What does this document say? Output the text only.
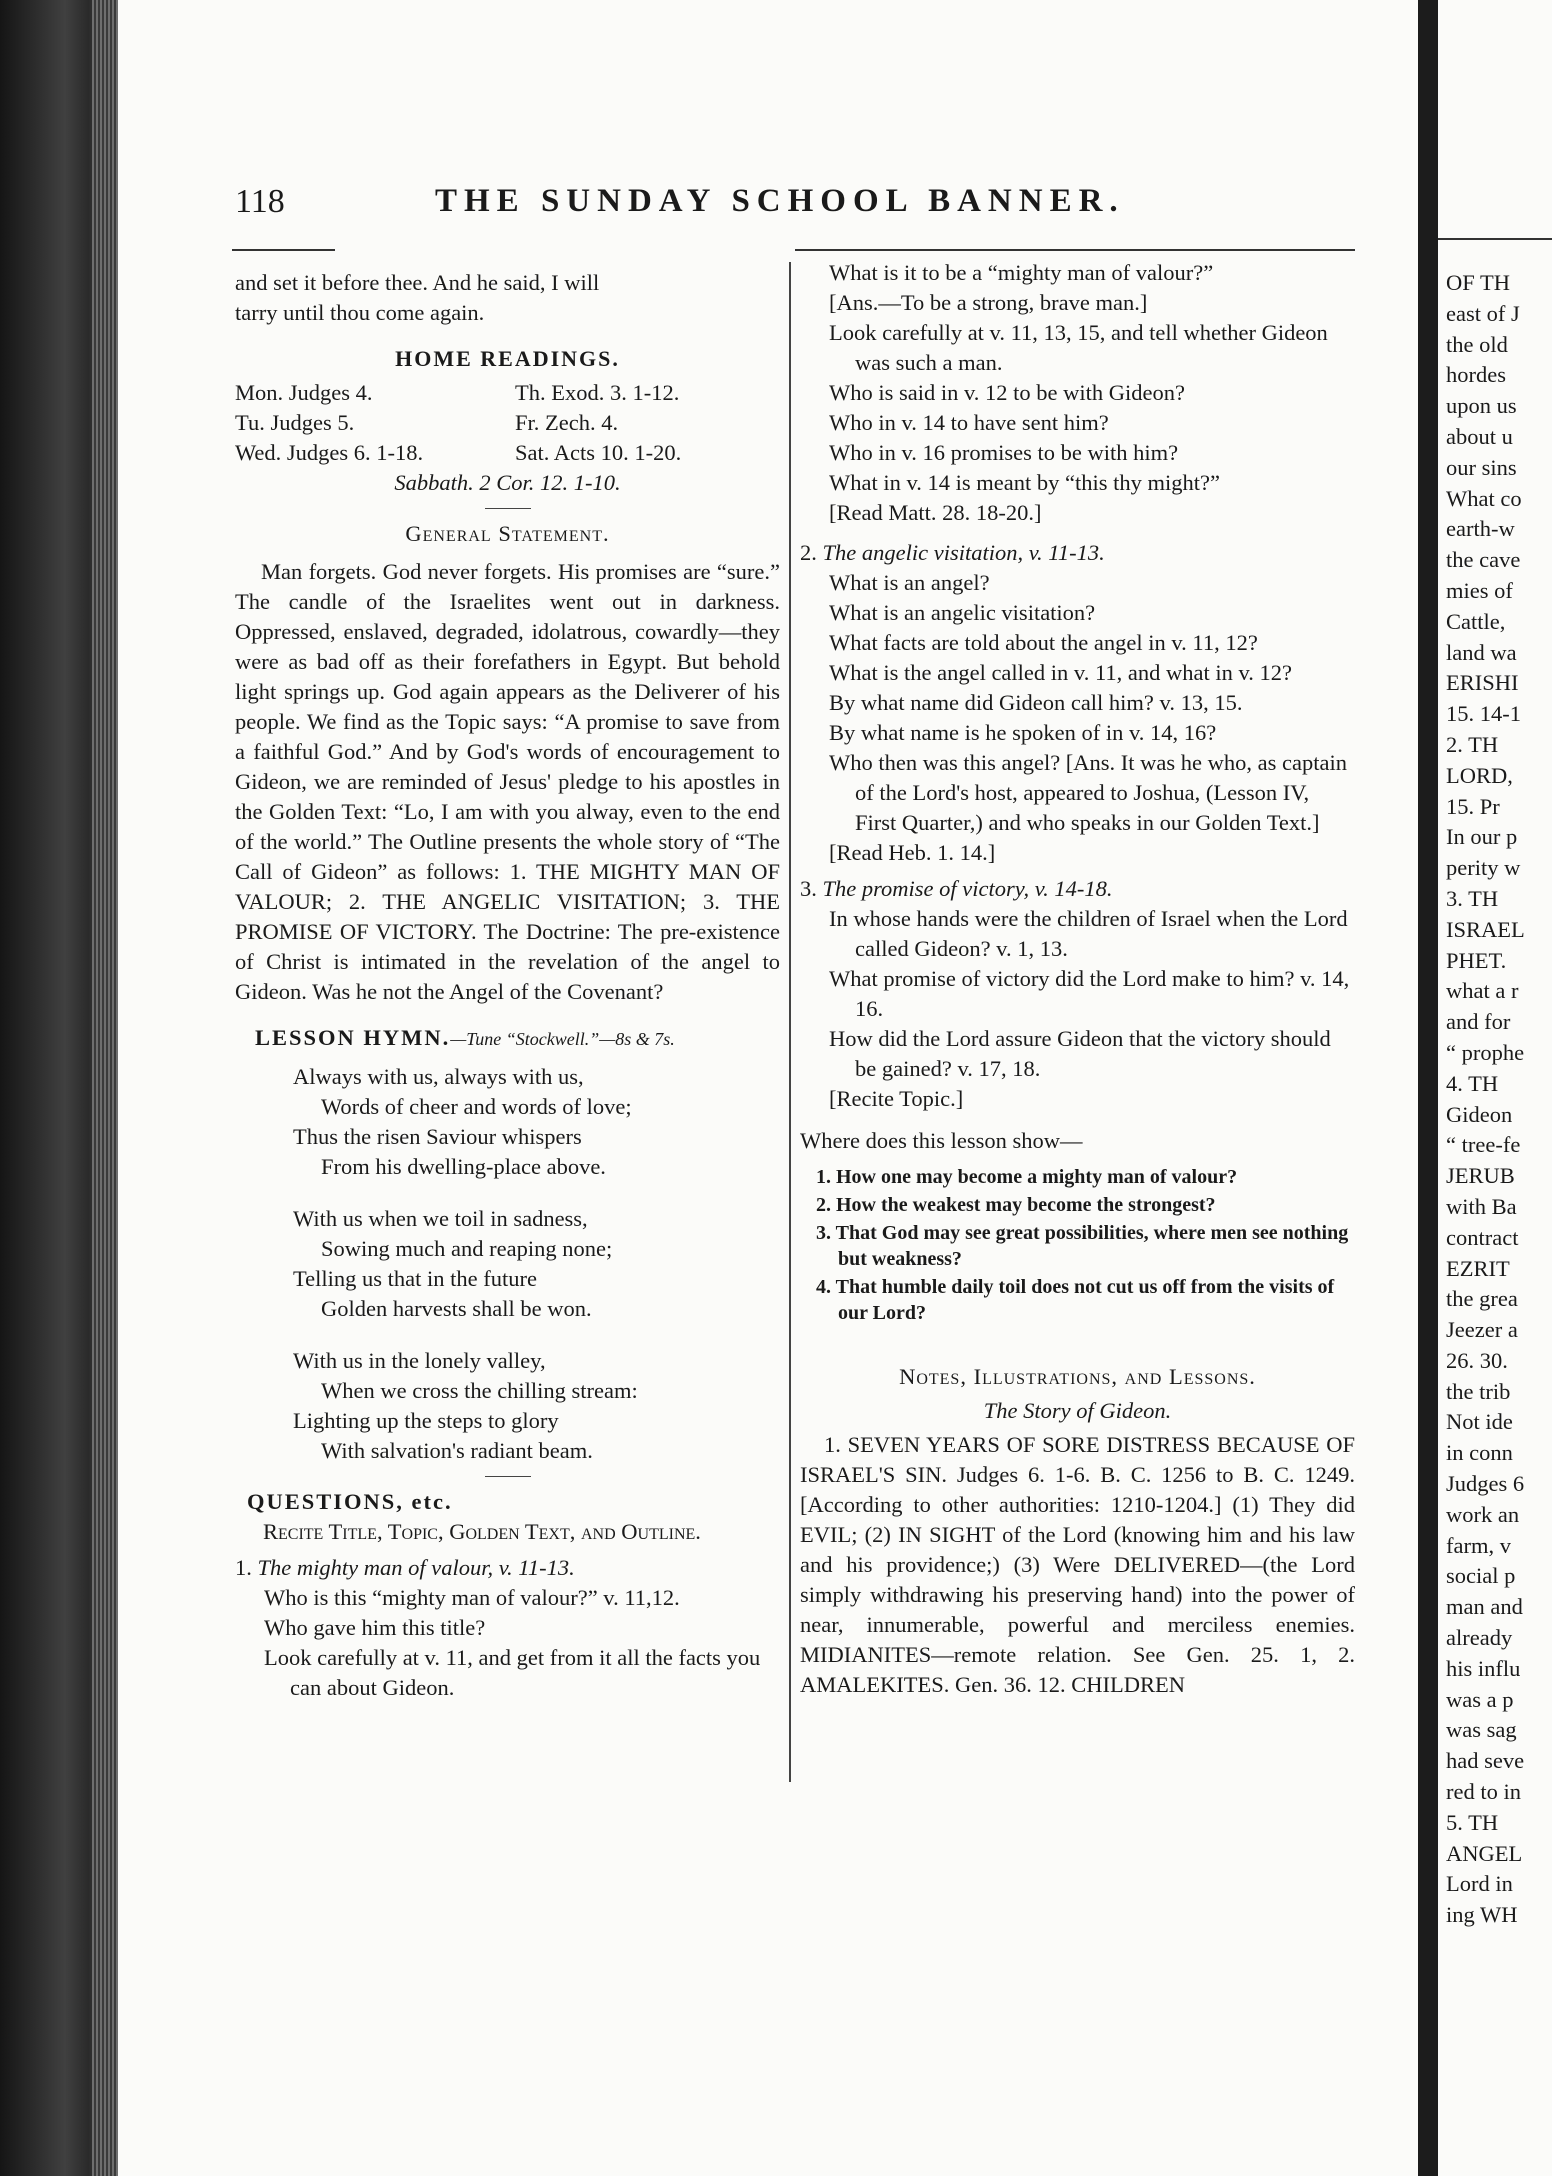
118	THE SUNDAY SCHOOL BANNER.

and set it before thee. And he said, I will

tarry until thou come again.

HOME READINGS.
Mon. Judges 4.	Th. Exod. 3. 1-12.
Tu. Judges 5.	Fr. Zech. 4.
Wed. Judges 6. 1-18.	Sat. Acts 10. 1-20.
Sabbath. 2 Cor. 12. 1-10.
General Statement.

Man forgets. God never forgets. His promises are “sure.” The candle of the Israelites went out in darkness. Oppressed, enslaved, degraded, idolatrous, cowardly—they were as bad off as their forefathers in Egypt. But behold light springs up. God again appears as the Deliverer of his people. We find as the Topic says: “A promise to save from a faithful God.” And by God's words of encouragement to Gideon, we are reminded of Jesus' pledge to his apostles in the Golden Text: “Lo, I am with you alway, even to the end of the world.” The Outline presents the whole story of “The Call of Gideon” as follows: 1. THE MIGHTY MAN OF VALOUR; 2. THE ANGELIC VISITATION; 3. THE PROMISE OF VICTORY. The Doctrine: The pre-existence of Christ is intimated in the revelation of the angel to Gideon. Was he not the Angel of the Covenant?

LESSON HYMN.—Tune “Stockwell.”—8s & 7s.
Always with us, always with us,
Words of cheer and words of love;
Thus the risen Saviour whispers
From his dwelling-place above.
With us when we toil in sadness,
Sowing much and reaping none;
Telling us that in the future
Golden harvests shall be won.
With us in the lonely valley,
When we cross the chilling stream:
Lighting up the steps to glory
With salvation's radiant beam.
QUESTIONS, etc.

Recite Title, Topic, Golden Text, and Outline.

1. The mighty man of valour, v. 11-13.
Who is this “mighty man of valour?” v. 11,12.
Who gave him this title?
Look carefully at v. 11, and get from it all the facts you can about Gideon.
What is it to be a “mighty man of valour?”
[Ans.—To be a strong, brave man.]
Look carefully at v. 11, 13, 15, and tell whether Gideon was such a man.
Who is said in v. 12 to be with Gideon?
Who in v. 14 to have sent him?
Who in v. 16 promises to be with him?
What in v. 14 is meant by “this thy might?”
[Read Matt. 28. 18-20.]
2. The angelic visitation, v. 11-13.
What is an angel?
What is an angelic visitation?
What facts are told about the angel in v. 11, 12?
What is the angel called in v. 11, and what in v. 12?
By what name did Gideon call him? v. 13, 15.
By what name is he spoken of in v. 14, 16?
Who then was this angel? [Ans. It was he who, as captain of the Lord's host, appeared to Joshua, (Lesson IV, First Quarter,) and who speaks in our Golden Text.]
[Read Heb. 1. 14.]
3. The promise of victory, v. 14-18.
In whose hands were the children of Israel when the Lord called Gideon? v. 1, 13.
What promise of victory did the Lord make to him? v. 14, 16.
How did the Lord assure Gideon that the victory should be gained? v. 17, 18.
[Recite Topic.]
Where does this lesson show—
1. How one may become a mighty man of valour?
2. How the weakest may become the strongest?
3. That God may see great possibilities, where men see nothing but weakness?
4. That humble daily toil does not cut us off from the visits of our Lord?
Notes, Illustrations, and Lessons.
The Story of Gideon.

1. SEVEN YEARS OF SORE DISTRESS BECAUSE OF ISRAEL'S SIN. Judges 6. 1-6. B. C. 1256 to B. C. 1249. [According to other authorities: 1210-1204.] (1) They did EVIL; (2) IN SIGHT of the Lord (knowing him and his law and his providence;) (3) Were DELIVERED—(the Lord simply withdrawing his preserving hand) into the power of near, innumerable, powerful and merciless enemies. MIDIANITES—remote relation. See Gen. 25. 1, 2. AMALEKITES. Gen. 36. 12. CHILDREN

OF TH
east of J
the old
hordes
upon us
about u
our sins
What co
earth-w
the cave
mies of
Cattle,
land wa
ERISHI
15. 14-1
2. TH
LORD,
15. Pr
In our p
perity w
3. TH
ISRAEL
PHET.
what a r
and for
“ prophe
4. TH
Gideon
“ tree-fe
JERUB
with Ba
contract
EZRIT
the grea
Jeezer a
26. 30.
the trib
Not ide
in conn
Judges 6
work an
farm, v
social p
man and
already
his influ
was a p
was sag
had seve
red to in
5. TH
ANGEL
Lord in
ing WH
